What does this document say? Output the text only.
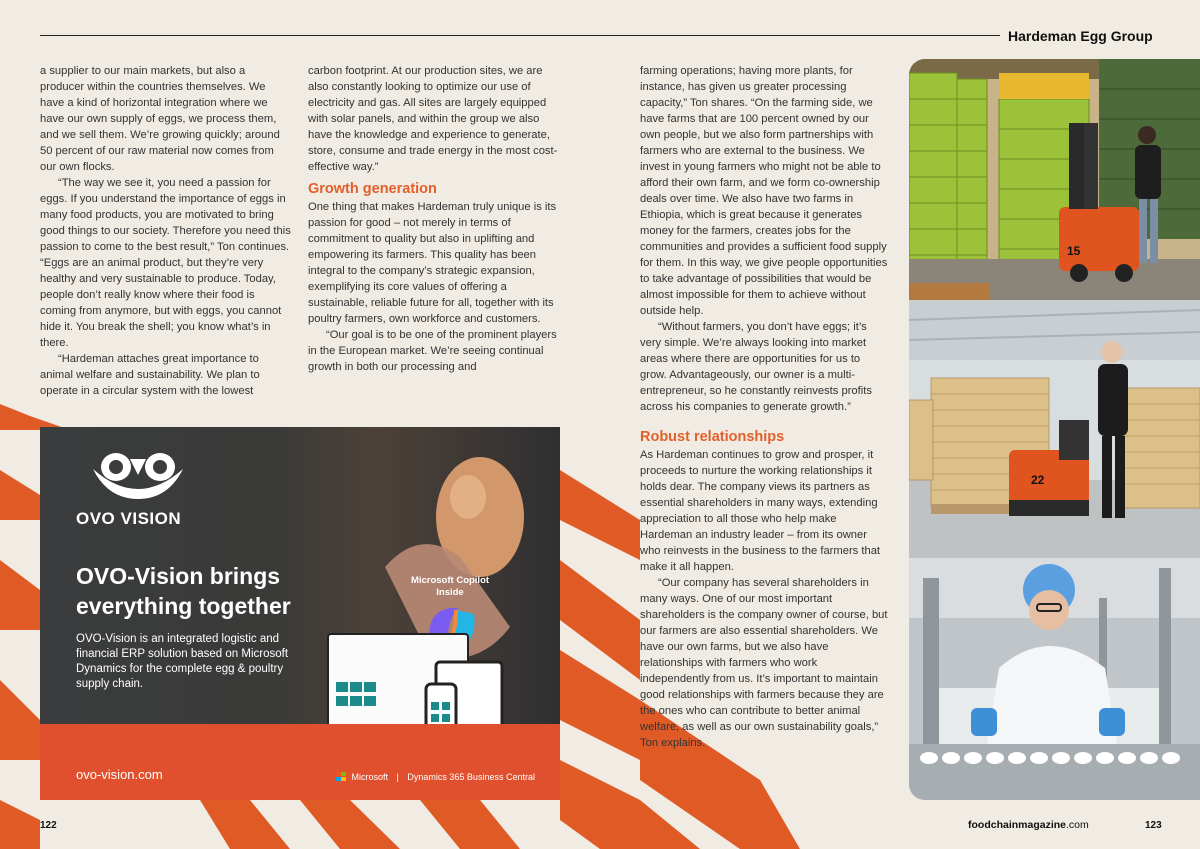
Hardeman Egg Group

a supplier to our main markets, but also a producer within the countries themselves. We have a kind of horizontal integration where we have our own supply of eggs, we process them, and we sell them. We’re growing quickly; around 50 percent of our raw material now comes from our own flocks.

“The way we see it, you need a passion for eggs. If you understand the importance of eggs in many food products, you are motivated to bring good things to our society. Therefore you need this passion to come to the best result,” Ton continues. “Eggs are an animal product, but they’re very healthy and very sustainable to produce. Today, people don’t really know where their food is coming from anymore, but with eggs, you cannot hide it. You break the shell; you know what’s in there.

“Hardeman attaches great importance to animal welfare and sustainability. We plan to operate in a circular system with the lowest

carbon footprint. At our production sites, we are also constantly looking to optimize our use of electricity and gas. All sites are largely equipped with solar panels, and within the group we also have the knowledge and experience to generate, store, consume and trade energy in the most cost-effective way.”

Growth generation

One thing that makes Hardeman truly unique is its passion for good – not merely in terms of commitment to quality but also in uplifting and empowering its farmers. This quality has been integral to the company’s strategic expansion, exemplifying its core values of offering a sustainable, reliable future for all, together with its poultry farmers, own workforce and customers.

“Our goal is to be one of the prominent players in the European market. We’re seeing continual growth in both our processing and

farming operations; having more plants, for instance, has given us greater processing capacity,” Ton shares. “On the farming side, we have farms that are 100 percent owned by our own people, but we also form partnerships with farmers who are external to the business. We invest in young farmers who might not be able to afford their own farm, and we form co-ownership deals over time. We also have two farms in Ethiopia, which is great because it generates money for the farmers, creates jobs for the communities and provides a sufficient food supply for them. In this way, we give people opportunities to take advantage of possibilities that would be almost impossible for them to achieve without outside help.

“Without farmers, you don’t have eggs; it’s very simple. We’re always looking into market areas where there are opportunities for us to grow. Advantageously, our owner is a multi-entrepreneur, so he constantly reinvests profits across his companies to generate growth.”

Robust relationships

As Hardeman continues to grow and prosper, it proceeds to nurture the working relationships it holds dear. The company views its partners as essential shareholders in many ways, extending appreciation to all those who help make Hardeman an industry leader – from its owner who reinvests in the business to the farmers that make it all happen.

“Our company has several shareholders in many ways. One of our most important shareholders is the company owner of course, but our farmers are also essential shareholders. We have our own farms, but we also have relationships with farmers who work independently from us. It’s important to maintain good relationships with farmers because they are the ones who can contribute to better animal welfare, as well as our own sustainability goals,” Ton explains.

15
22
OVO VISION
OVO-Vision brings everything together
OVO-Vision is an integrated logistic and financial ERP solution based on Microsoft Dynamics for the complete egg & poultry supply chain.
Microsoft Copilot Inside
ovo-vision.com	Microsoft | Dynamics 365 Business Central
122	foodchainmagazine.com	123
